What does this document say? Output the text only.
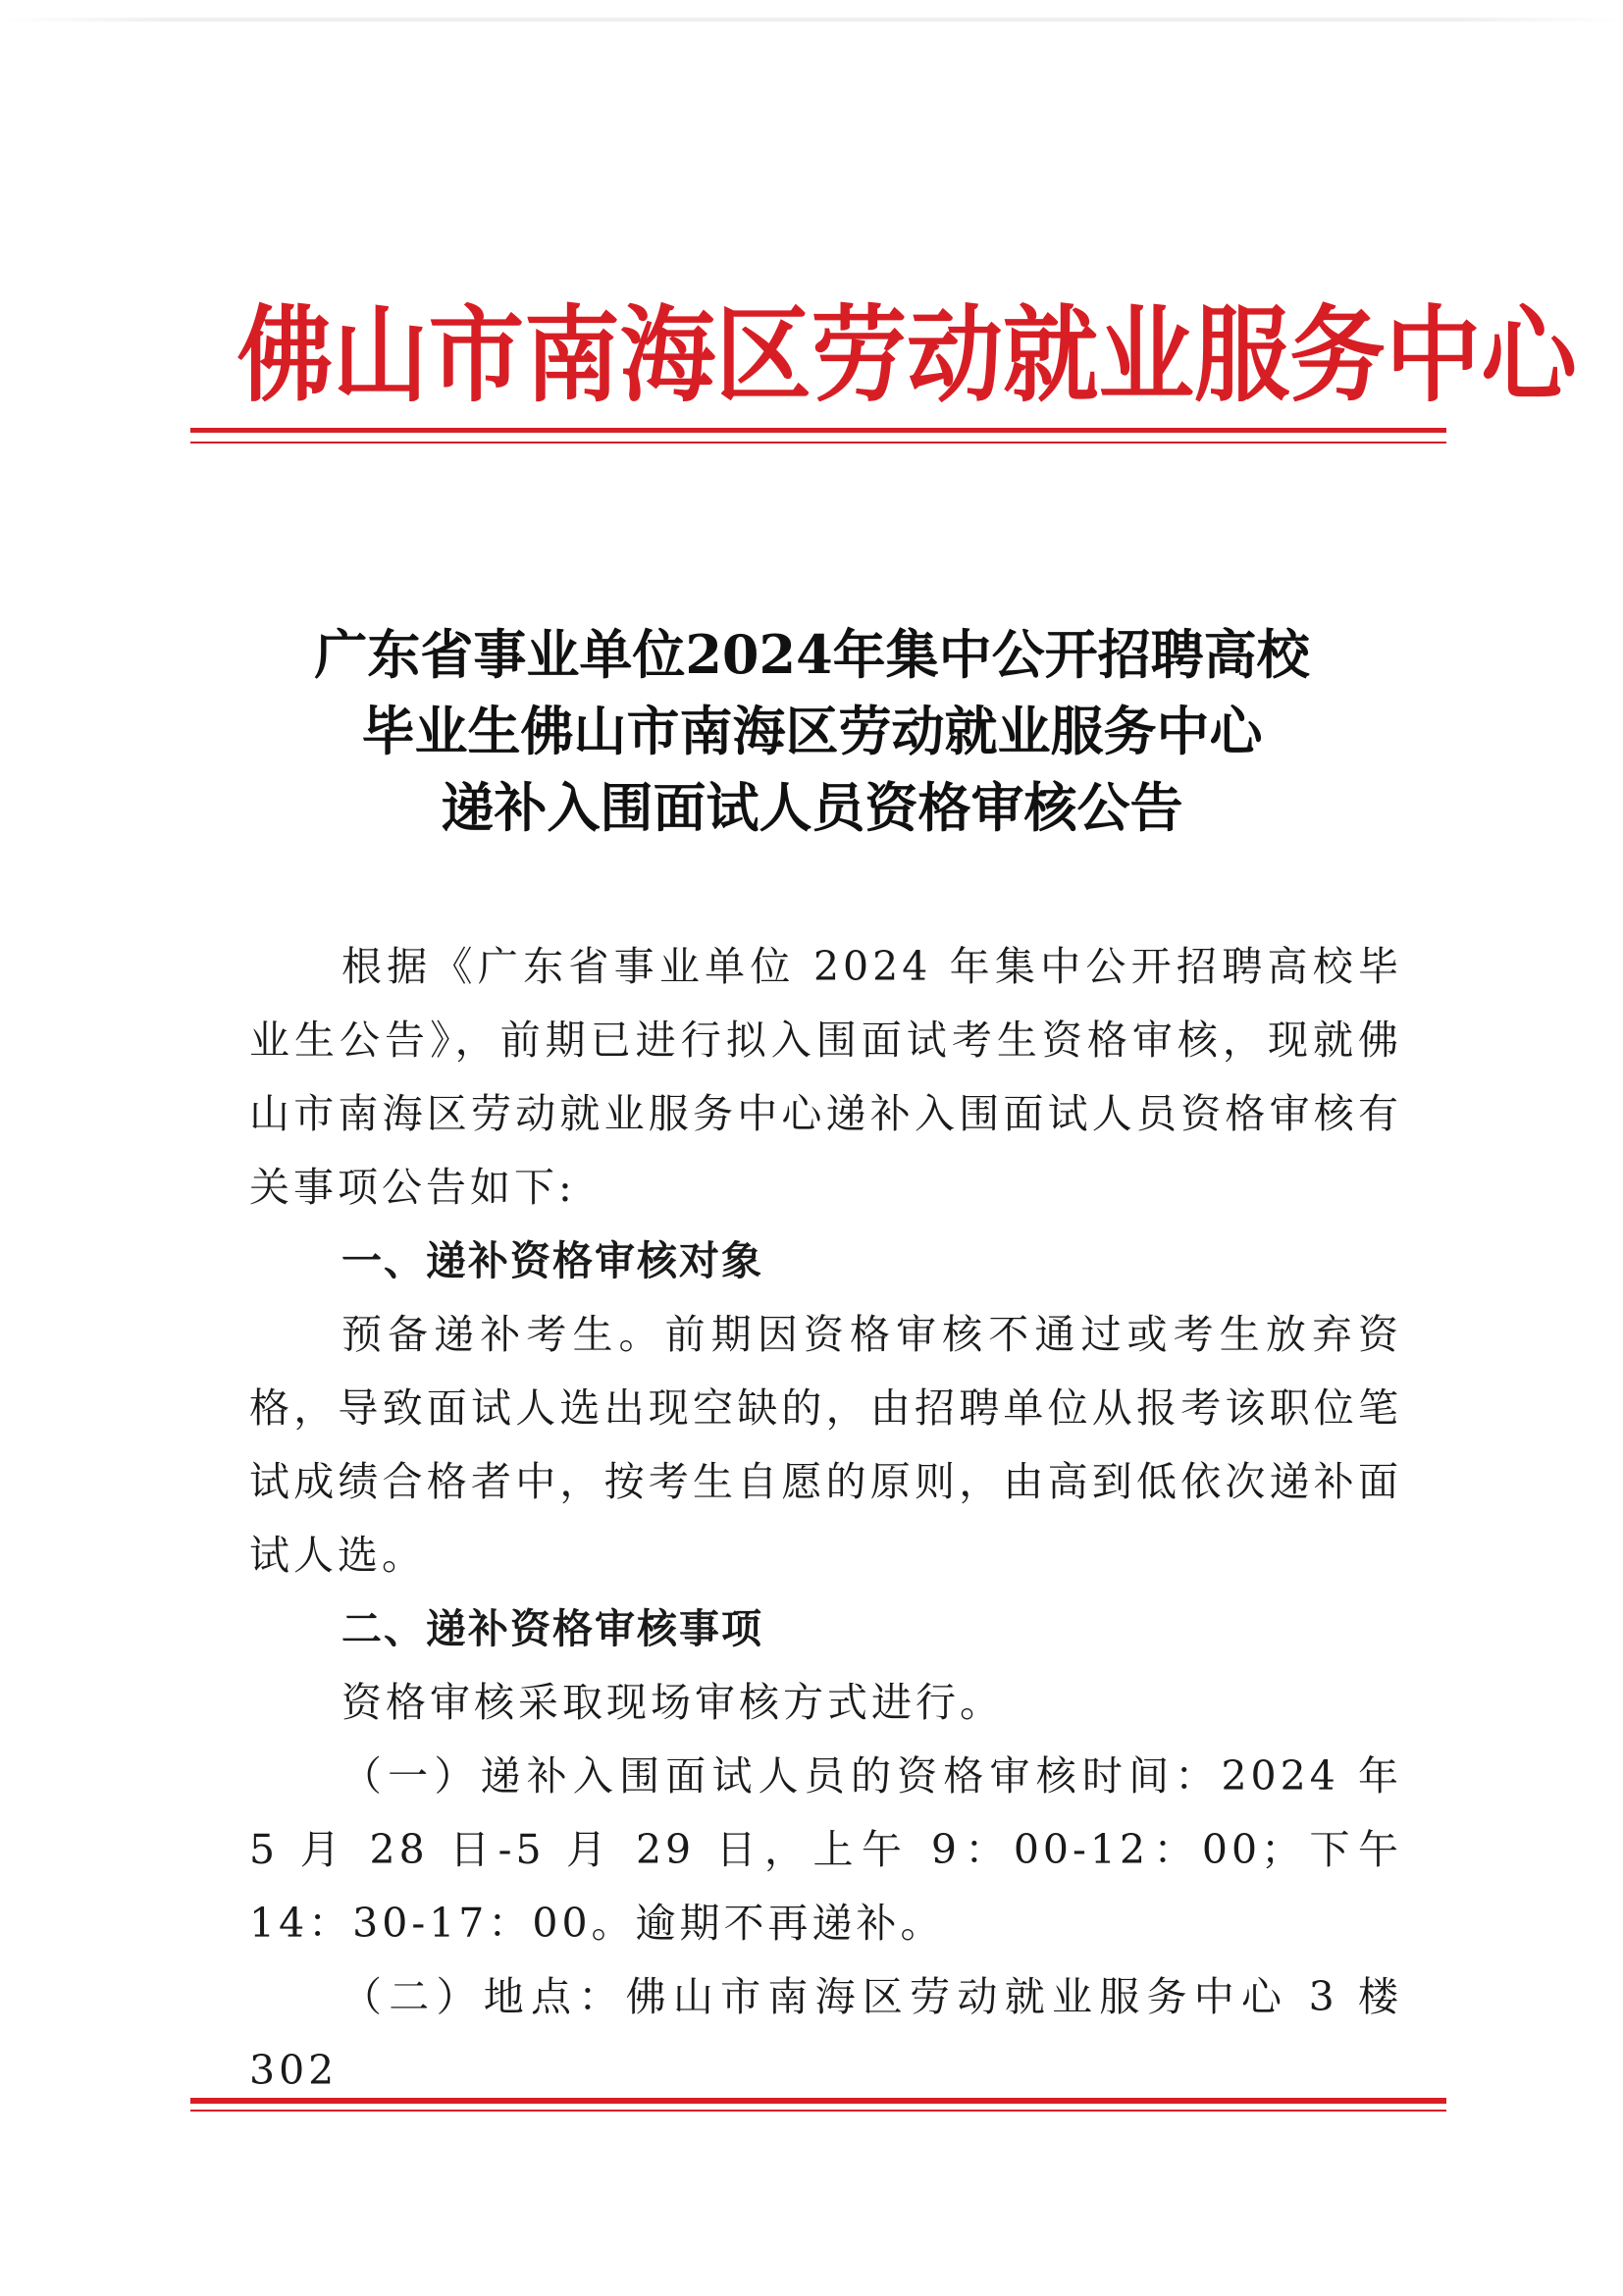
佛山市南海区劳动就业服务中心
广东省事业单位2024年集中公开招聘高校
毕业生佛山市南海区劳动就业服务中心
递补入围面试人员资格审核公告

根据《广东省事业单位 2024 年集中公开招聘高校毕业生公告》，前期已进行拟入围面试考生资格审核，现就佛山市南海区劳动就业服务中心递补入围面试人员资格审核有关事项公告如下:

一、递补资格审核对象

预备递补考生。前期因资格审核不通过或考生放弃资格，导致面试人选出现空缺的，由招聘单位从报考该职位笔试成绩合格者中，按考生自愿的原则，由高到低依次递补面试人选。

二、递补资格审核事项

资格审核采取现场审核方式进行。

（一）递补入围面试人员的资格审核时间：2024 年 5 月 28 日-5 月 29 日，上午 9：00-12：00；下午 14：30-17：00。逾期不再递补。

（二）地点：佛山市南海区劳动就业服务中心 3 楼 302
